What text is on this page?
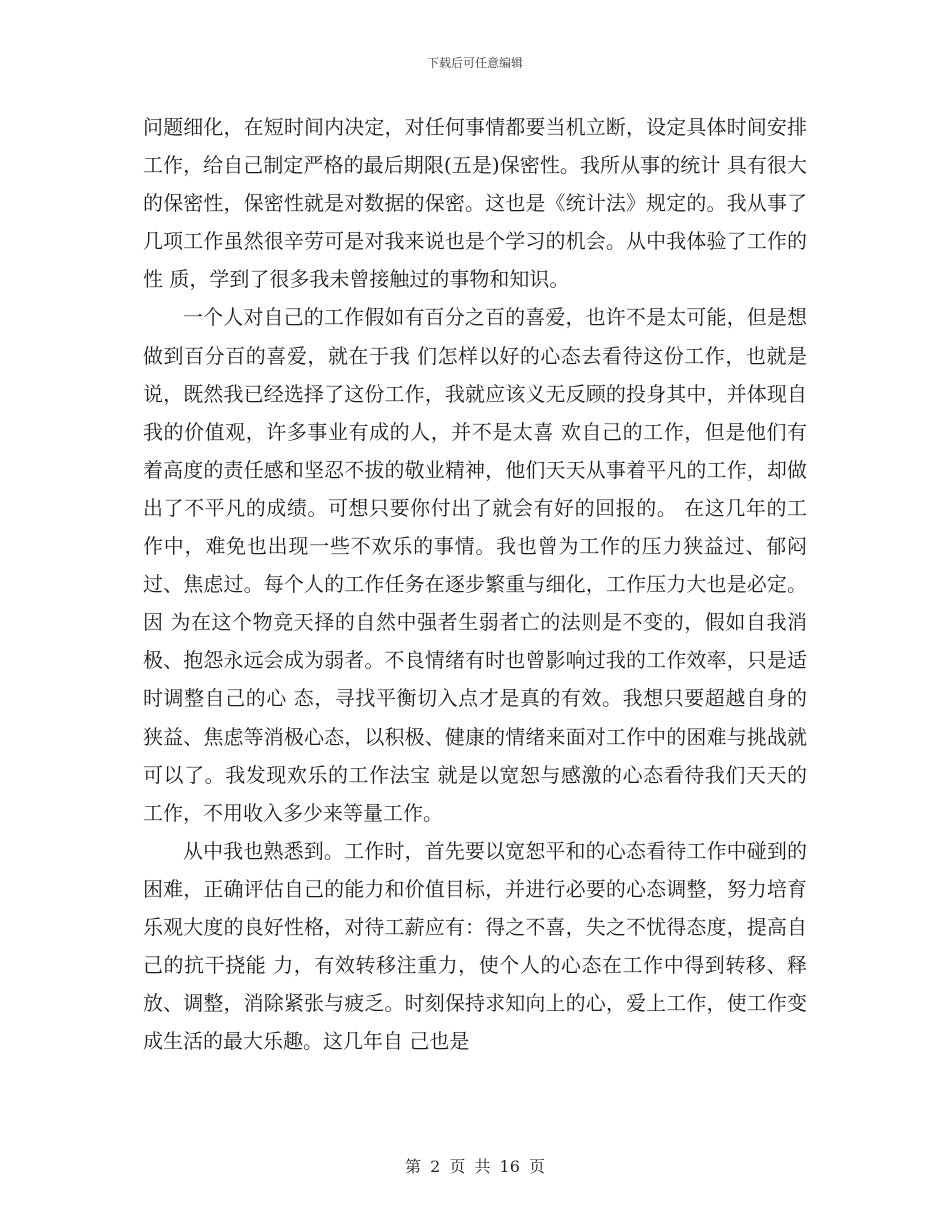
下载后可任意编辑

问题细化，在短时间内决定，对任何事情都要当机立断，设定具体时间安排工作，给自己制定严格的最后期限(五是)保密性。我所从事的统计 具有很大的保密性，保密性就是对数据的保密。这也是《统计法》规定的。我从事了几项工作虽然很辛劳可是对我来说也是个学习的机会。从中我体验了工作的性 质，学到了很多我未曾接触过的事物和知识。

一个人对自己的工作假如有百分之百的喜爱，也许不是太可能，但是想做到百分百的喜爱，就在于我 们怎样以好的心态去看待这份工作，也就是说，既然我已经选择了这份工作，我就应该义无反顾的投身其中，并体现自我的价值观，许多事业有成的人，并不是太喜 欢自己的工作，但是他们有着高度的责任感和坚忍不拔的敬业精神，他们天天从事着平凡的工作，却做出了不平凡的成绩。可想只要你付出了就会有好的回报的。 在这几年的工作中，难免也出现一些不欢乐的事情。我也曾为工作的压力狭益过、郁闷过、焦虑过。每个人的工作任务在逐步繁重与细化，工作压力大也是必定。因 为在这个物竞天择的自然中强者生弱者亡的法则是不变的，假如自我消极、抱怨永远会成为弱者。不良情绪有时也曾影响过我的工作效率，只是适时调整自己的心 态，寻找平衡切入点才是真的有效。我想只要超越自身的狭益、焦虑等消极心态，以积极、健康的情绪来面对工作中的困难与挑战就可以了。我发现欢乐的工作法宝 就是以宽恕与感激的心态看待我们天天的工作，不用收入多少来等量工作。

从中我也熟悉到。工作时，首先要以宽恕平和的心态看待工作中碰到的 困难，正确评估自己的能力和价值目标，并进行必要的心态调整，努力培育乐观大度的良好性格，对待工薪应有：得之不喜，失之不忧得态度，提高自己的抗干挠能 力，有效转移注重力，使个人的心态在工作中得到转移、释放、调整，消除紧张与疲乏。时刻保持求知向上的心，爱上工作，使工作变成生活的最大乐趣。这几年自 己也是

第 2 页 共 16 页
